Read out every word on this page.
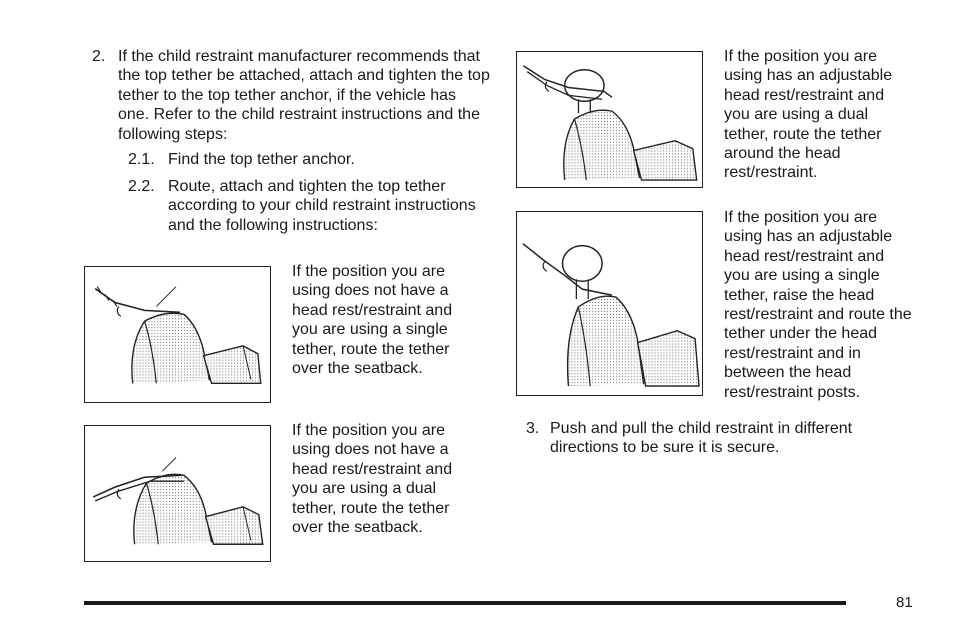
2. If the child restraint manufacturer recommends that the top tether be attached, attach and tighten the top tether to the top tether anchor, if the vehicle has one. Refer to the child restraint instructions and the following steps:
2.1. Find the top tether anchor.
2.2. Route, attach and tighten the top tether according to your child restraint instructions and the following instructions:
If the position you are using does not have a head rest/restraint and you are using a single tether, route the tether over the seatback.
If the position you are using does not have a head rest/restraint and you are using a dual tether, route the tether over the seatback.
If the position you are using has an adjustable head rest/restraint and you are using a dual tether, route the tether around the head rest/restraint.
If the position you are using has an adjustable head rest/restraint and you are using a single tether, raise the head rest/restraint and route the tether under the head rest/restraint and in between the head rest/restraint posts.
3. Push and pull the child restraint in different directions to be sure it is secure.
81
